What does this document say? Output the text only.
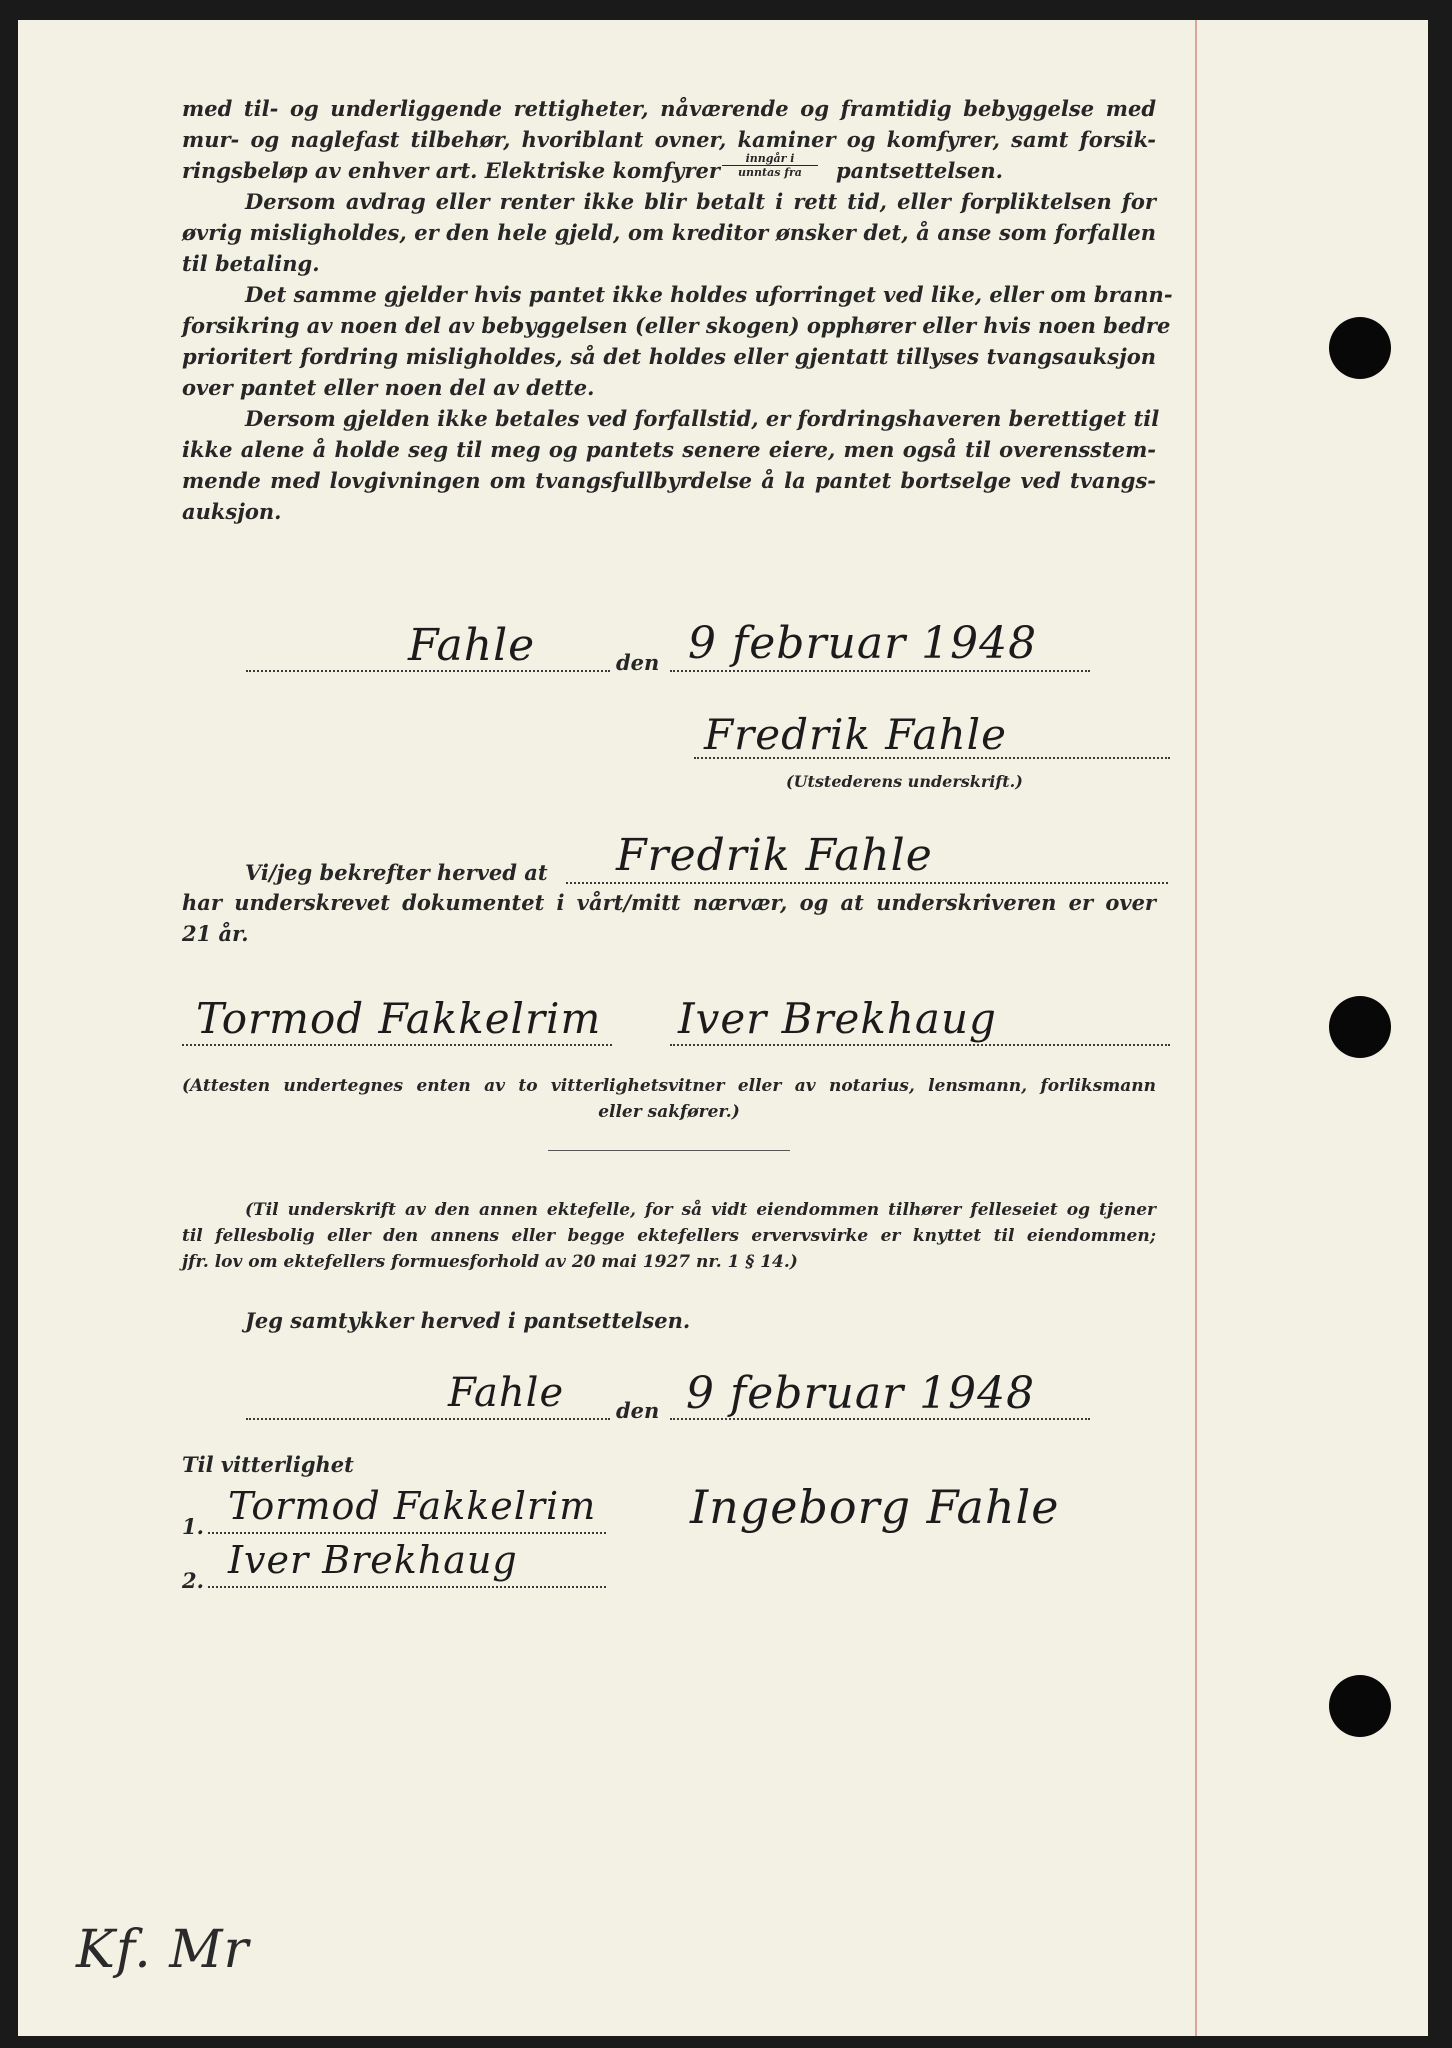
med til- og underliggende rettigheter, nåværende og framtidig bebyggelse med
mur- og naglefast tilbehør, hvoriblant ovner, kaminer og komfyrer, samt forsik-
ringsbeløp av enhver art. Elektriske komfyrer	inngår i
unntas fra	pantsettelsen.
Dersom avdrag eller renter ikke blir betalt i rett tid, eller forpliktelsen for
øvrig misligholdes, er den hele gjeld, om kreditor ønsker det, å anse som forfallen
til betaling.
Det samme gjelder hvis pantet ikke holdes uforringet ved like, eller om brann-
forsikring av noen del av bebyggelsen (eller skogen) opphører eller hvis noen bedre
prioritert fordring misligholdes, så det holdes eller gjentatt tillyses tvangsauksjon
over pantet eller noen del av dette.
Dersom gjelden ikke betales ved forfallstid, er fordringshaveren berettiget til
ikke alene å holde seg til meg og pantets senere eiere, men også til overensstem-
mende med lovgivningen om tvangsfullbyrdelse å la pantet bortselge ved tvangs-
auksjon.
Fahle	den 9 februar 1948
Fredrik Fahle
(Utstederens underskrift.)
Vi/jeg bekrefter herved at Fredrik Fahle
har underskrevet dokumentet i vårt/mitt nærvær, og at underskriveren er over
21 år.
Tormod Fakkelrim Iver Brekhaug
(Attesten undertegnes enten av to vitterlighetsvitner eller av notarius, lensmann, forliksmann
eller sakfører.)
(Til underskrift av den annen ektefelle, for så vidt eiendommen tilhører felleseiet og tjener
til fellesbolig eller den annens eller begge ektefellers ervervsvirke er knyttet til eiendommen;
jfr. lov om ektefellers formuesforhold av 20 mai 1927 nr. 1 § 14.)
Jeg samtykker herved i pantsettelsen.
Fahle den 9 februar 1948
Til vitterlighet
1. Tormod Fakkelrim
2. Iver Brekhaug
Ingeborg Fahle
Kf. Mr
